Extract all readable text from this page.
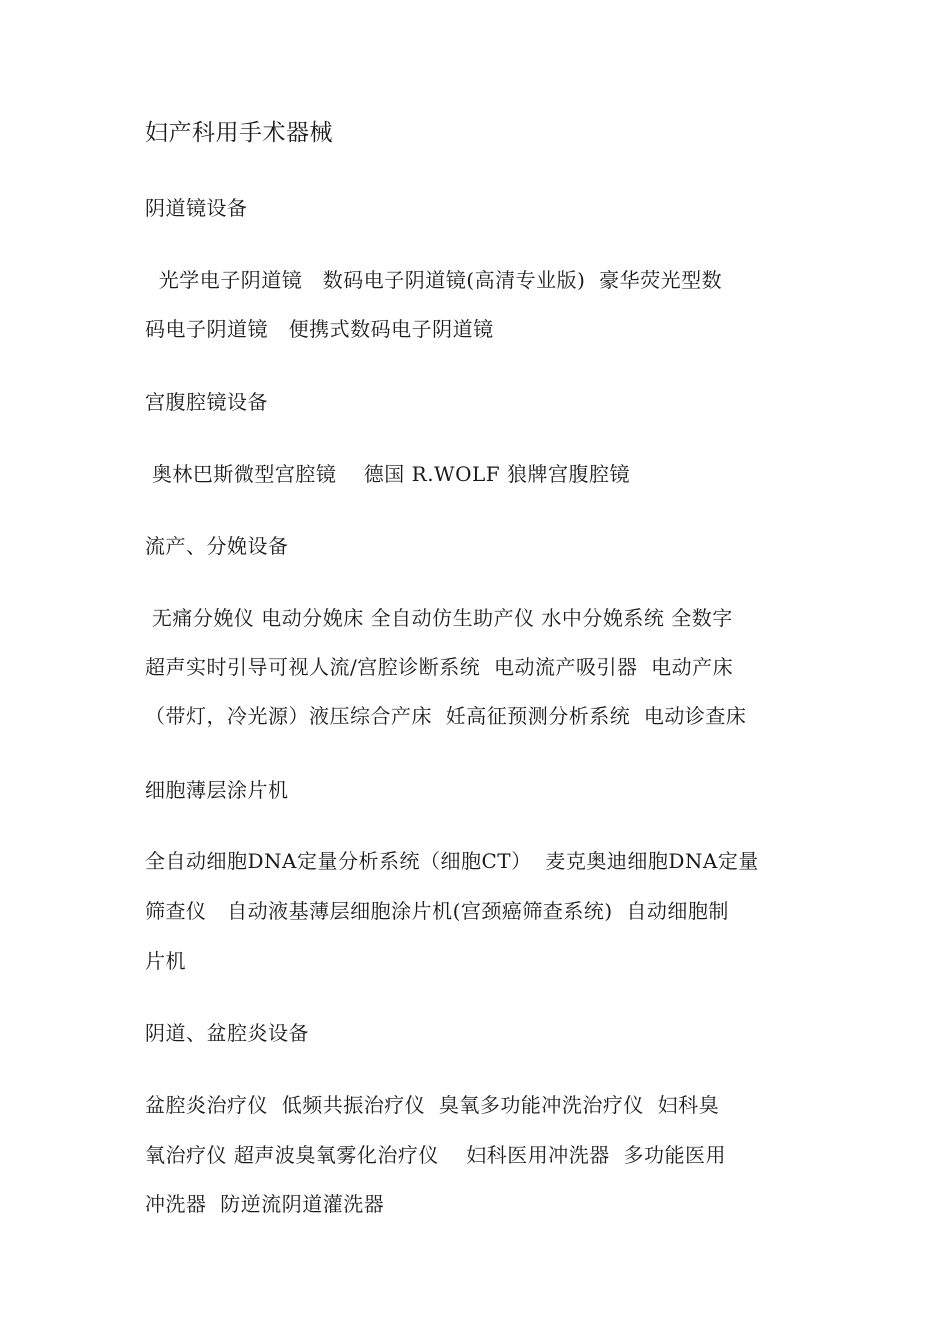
妇产科用手术器械
阴道镜设备
光学电子阴道镜   数码电子阴道镜(高清专业版)  豪华荧光型数
码电子阴道镜   便携式数码电子阴道镜
宫腹腔镜设备
奥林巴斯微型宫腔镜    德国 R.WOLF 狼牌宫腹腔镜
流产、分娩设备
无痛分娩仪 电动分娩床 全自动仿生助产仪 水中分娩系统 全数字
超声实时引导可视人流/宫腔诊断系统  电动流产吸引器  电动产床
（带灯，冷光源）液压综合产床  妊高征预测分析系统  电动诊查床
细胞薄层涂片机
全自动细胞DNA定量分析系统（细胞CT）  麦克奥迪细胞DNA定量
筛查仪   自动液基薄层细胞涂片机(宫颈癌筛查系统)  自动细胞制
片机
阴道、盆腔炎设备
盆腔炎治疗仪  低频共振治疗仪  臭氧多功能冲洗治疗仪  妇科臭
氧治疗仪 超声波臭氧雾化治疗仪    妇科医用冲洗器  多功能医用
冲洗器  防逆流阴道灌洗器
